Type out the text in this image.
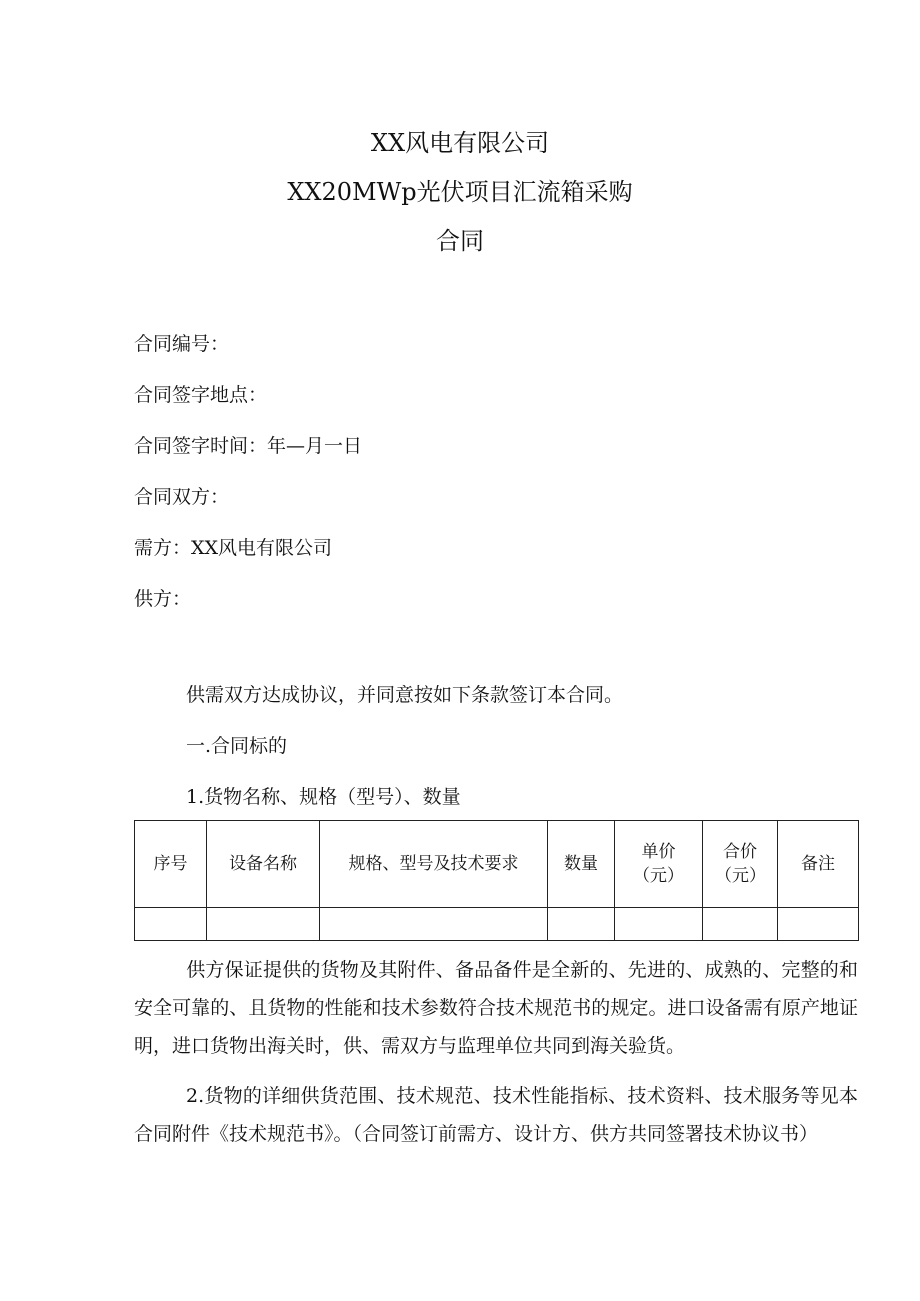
XX风电有限公司
XX20MWp光伏项目汇流箱采购
合同
合同编号：
合同签字地点：
合同签字时间：年—月一日
合同双方：
需方：XX风电有限公司
供方：
供需双方达成协议，并同意按如下条款签订本合同。
一.合同标的
1.货物名称、规格（型号）、数量
序号	设备名称	规格、型号及技术要求	数量	单价（元）	合价（元）	备注

供方保证提供的货物及其附件、备品备件是全新的、先进的、成熟的、完整的和安全可靠的、且货物的性能和技术参数符合技术规范书的规定。进口设备需有原产地证明，进口货物出海关时，供、需双方与监理单位共同到海关验货。
2.货物的详细供货范围、技术规范、技术性能指标、技术资料、技术服务等见本合同附件《技术规范书》。（合同签订前需方、设计方、供方共同签署技术协议书）
